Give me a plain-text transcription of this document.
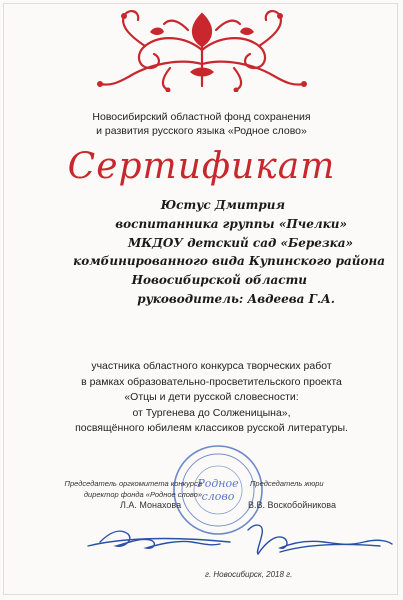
Новосибирский областной фонд сохранения
и развития русского языка «Родное слово»
Сертификат
Юстус Дмитрия
воспитанника группы «Пчелки»
МКДОУ детский сад «Березка»
комбинированного вида Купинского района
Новосибирской области
руководитель: Авдеева Г.А.
участника областного конкурса творческих работ
в рамках образовательно-просветительского проекта
«Отцы и дети русской словесности:
от Тургенева до Солженицына»,
посвящённого юбилеям классиков русской литературы.
Родное
слово
Председатель оргкомитета конкурса
директор фонда «Родное слово»
Председатель жюри
Л.А. Монахова	В.В. Воскобойникова
г. Новосибирск, 2018 г.
